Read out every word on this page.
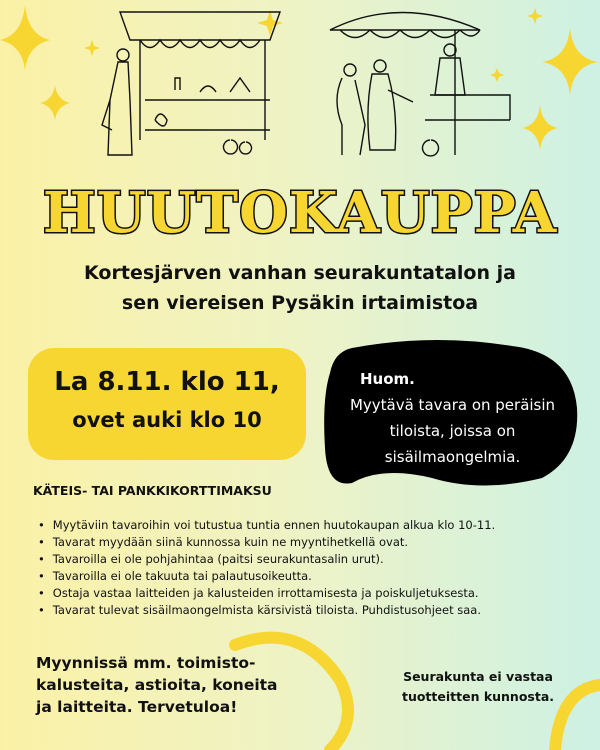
HUUTOKAUPPA
Kortesjärven vanhan seurakuntatalon ja
sen viereisen Pysäkin irtaimistoa
La 8.11. klo 11,
ovet auki klo 10
Huom.
Myytävä tavara on peräisin tiloista, joissa on sisäilmaongelmia.
KÄTEIS- TAI PANKKIKORTTIMAKSU
• Myytäviin tavaroihin voi tutustua tuntia ennen huutokaupan alkua klo 10-11.
• Tavarat myydään siinä kunnossa kuin ne myyntihetkellä ovat.
• Tavaroilla ei ole pohjahintaa (paitsi seurakuntasalin urut).
• Tavaroilla ei ole takuuta tai palautusoikeutta.
• Ostaja vastaa laitteiden ja kalusteiden irrottamisesta ja poiskuljetuksesta.
• Tavarat tulevat sisäilmaongelmista kärsivistä tiloista. Puhdistusohjeet saa.
Myynnissä mm. toimisto-kalusteita, astioita, koneita ja laitteita. Tervetuloa!
Seurakunta ei vastaa tuotteitten kunnosta.
